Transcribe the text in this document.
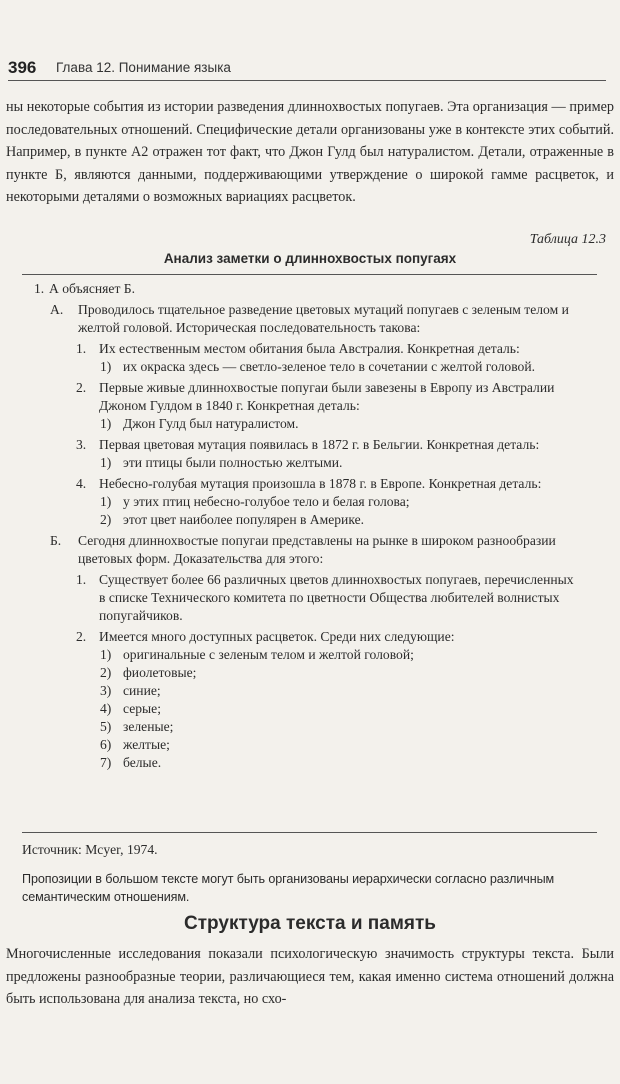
396 Глава 12. Понимание языка

ны некоторые события из истории разведения длиннохвостых попугаев. Эта организация — пример последовательных отношений. Специфические детали организованы уже в контексте этих событий. Например, в пункте А2 отражен тот факт, что Джон Гулд был натуралистом. Детали, отраженные в пункте Б, являются данными, поддерживающими утверждение о широкой гамме расцветок, и некоторыми деталями о возможных вариациях расцветок.

Таблица 12.3
Анализ заметки о длиннохвостых попугаях
1. А объясняет Б.
А.	Проводилось тщательное разведение цветовых мутаций попугаев с зеленым телом и желтой головой. Историческая последовательность такова:
1. Их естественным местом обитания была Австралия. Конкретная деталь:
1) их окраска здесь — светло-зеленое тело в сочетании с желтой головой.
2. Первые живые длиннохвостые попугаи были завезены в Европу из Австралии Джоном Гулдом в 1840 г. Конкретная деталь:
1) Джон Гулд был натуралистом.
3. Первая цветовая мутация появилась в 1872 г. в Бельгии. Конкретная деталь:
1) эти птицы были полностью желтыми.
4. Небесно-голубая мутация произошла в 1878 г. в Европе. Конкретная деталь:
1) у этих птиц небесно-голубое тело и белая голова;
2) этот цвет наиболее популярен в Америке.
Б.	Сегодня длиннохвостые попугаи представлены на рынке в широком разнообразии цветовых форм. Доказательства для этого:
1. Существует более 66 различных цветов длиннохвостых попугаев, перечисленных в списке Технического комитета по цветности Общества любителей волнистых попугайчиков.
2. Имеется много доступных расцветок. Среди них следующие:
1) оригинальные с зеленым телом и желтой головой;
2) фиолетовые;
3) синие;
4) серые;
5) зеленые;
6) желтые;
7) белые.
Источник: Mcyer, 1974.
Пропозиции в большом тексте могут быть организованы иерархически согласно различным семантическим отношениям.
Структура текста и память

Многочисленные исследования показали психологическую значимость структуры текста. Были предложены разнообразные теории, различающиеся тем, какая именно система отношений должна быть использована для анализа текста, но схо-
